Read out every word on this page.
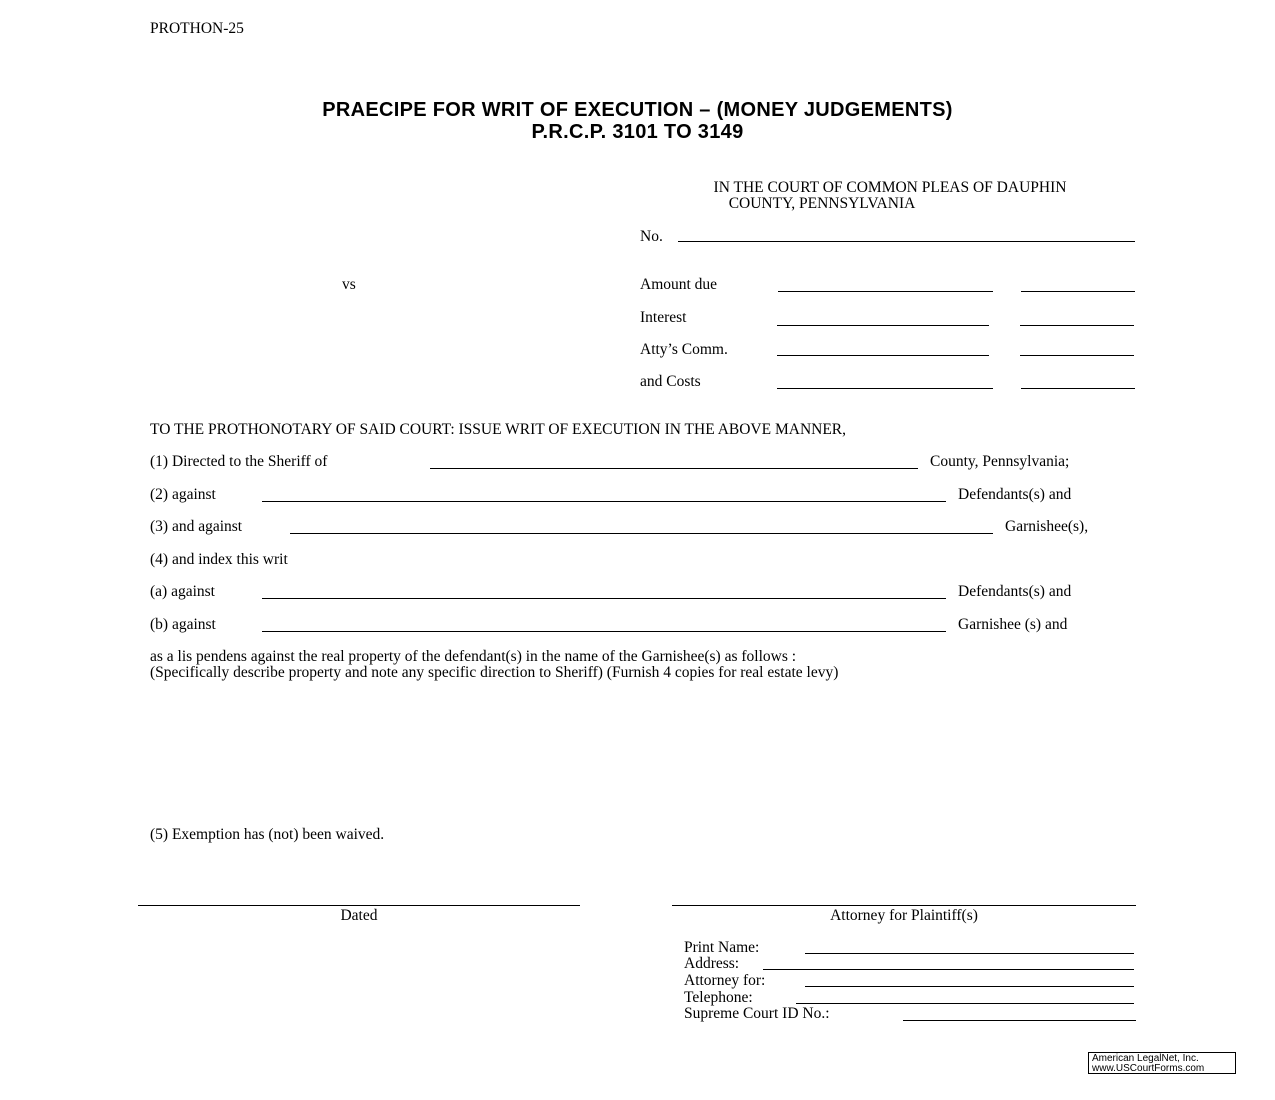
PROTHON-25
PRAECIPE FOR WRIT OF EXECUTION – (MONEY JUDGEMENTS)
P.R.C.P. 3101 TO 3149
IN THE COURT OF COMMON PLEAS OF DAUPHIN
COUNTY, PENNSYLVANIA
No.
vs	Amount due
Interest
Atty’s Comm.
and Costs
TO THE PROTHONOTARY OF SAID COURT: ISSUE WRIT OF EXECUTION IN THE ABOVE MANNER,
(1) Directed to the Sheriff of	County, Pennsylvania;
(2) against	Defendants(s) and
(3) and against	Garnishee(s),
(4) and index this writ
(a) against	Defendants(s) and
(b) against	Garnishee (s) and
as a lis pendens against the real property of the defendant(s) in the name of the Garnishee(s) as follows :
(Specifically describe property and note any specific direction to Sheriff) (Furnish 4 copies for real estate levy)
(5) Exemption has (not) been waived.
Dated	Attorney for Plaintiff(s)
Print Name:
Address:
Attorney for:
Telephone:
Supreme Court ID No.:
American LegalNet, Inc.
www.USCourtForms.com
